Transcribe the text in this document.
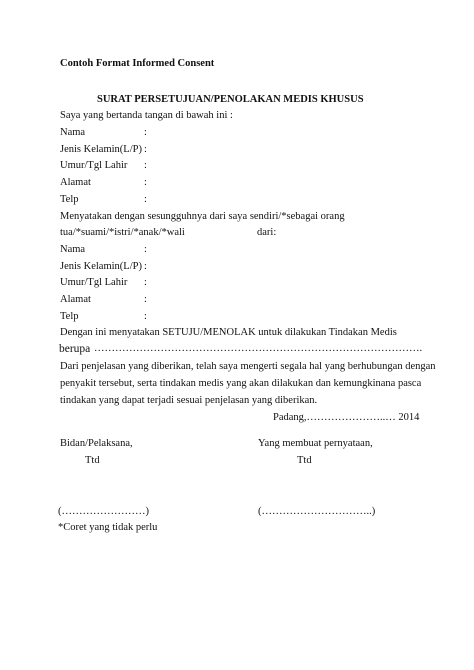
Contoh Format Informed Consent
SURAT PERSETUJUAN/PENOLAKAN MEDIS KHUSUS
Saya yang bertanda tangan di bawah ini :
Nama	:
Jenis Kelamin(L/P) :
Umur/Tgl Lahir :
Alamat	:
Telp	:
Menyatakan dengan sesungguhnya dari saya sendiri/*sebagai orang
tua/*suami/*istri/*anak/*wali	dari:
Nama	:
Jenis Kelamin(L/P) :
Umur/Tgl Lahir :
Alamat	:
Telp	:
Dengan ini menyatakan SETUJU/MENOLAK untuk dilakukan Tindakan Medis
berupa ………………………………………………………………………………….
Dari penjelasan yang diberikan, telah saya mengerti segala hal yang berhubungan dengan
penyakit tersebut, serta tindakan medis yang akan dilakukan dan kemungkinana pasca
tindakan yang dapat terjadi sesuai penjelasan yang diberikan.
Padang,…………………..… 2014
Bidan/Pelaksana,	Yang membuat pernyataan,
Ttd	Ttd
(……………………)	(…………………………..)
*Coret yang tidak perlu
